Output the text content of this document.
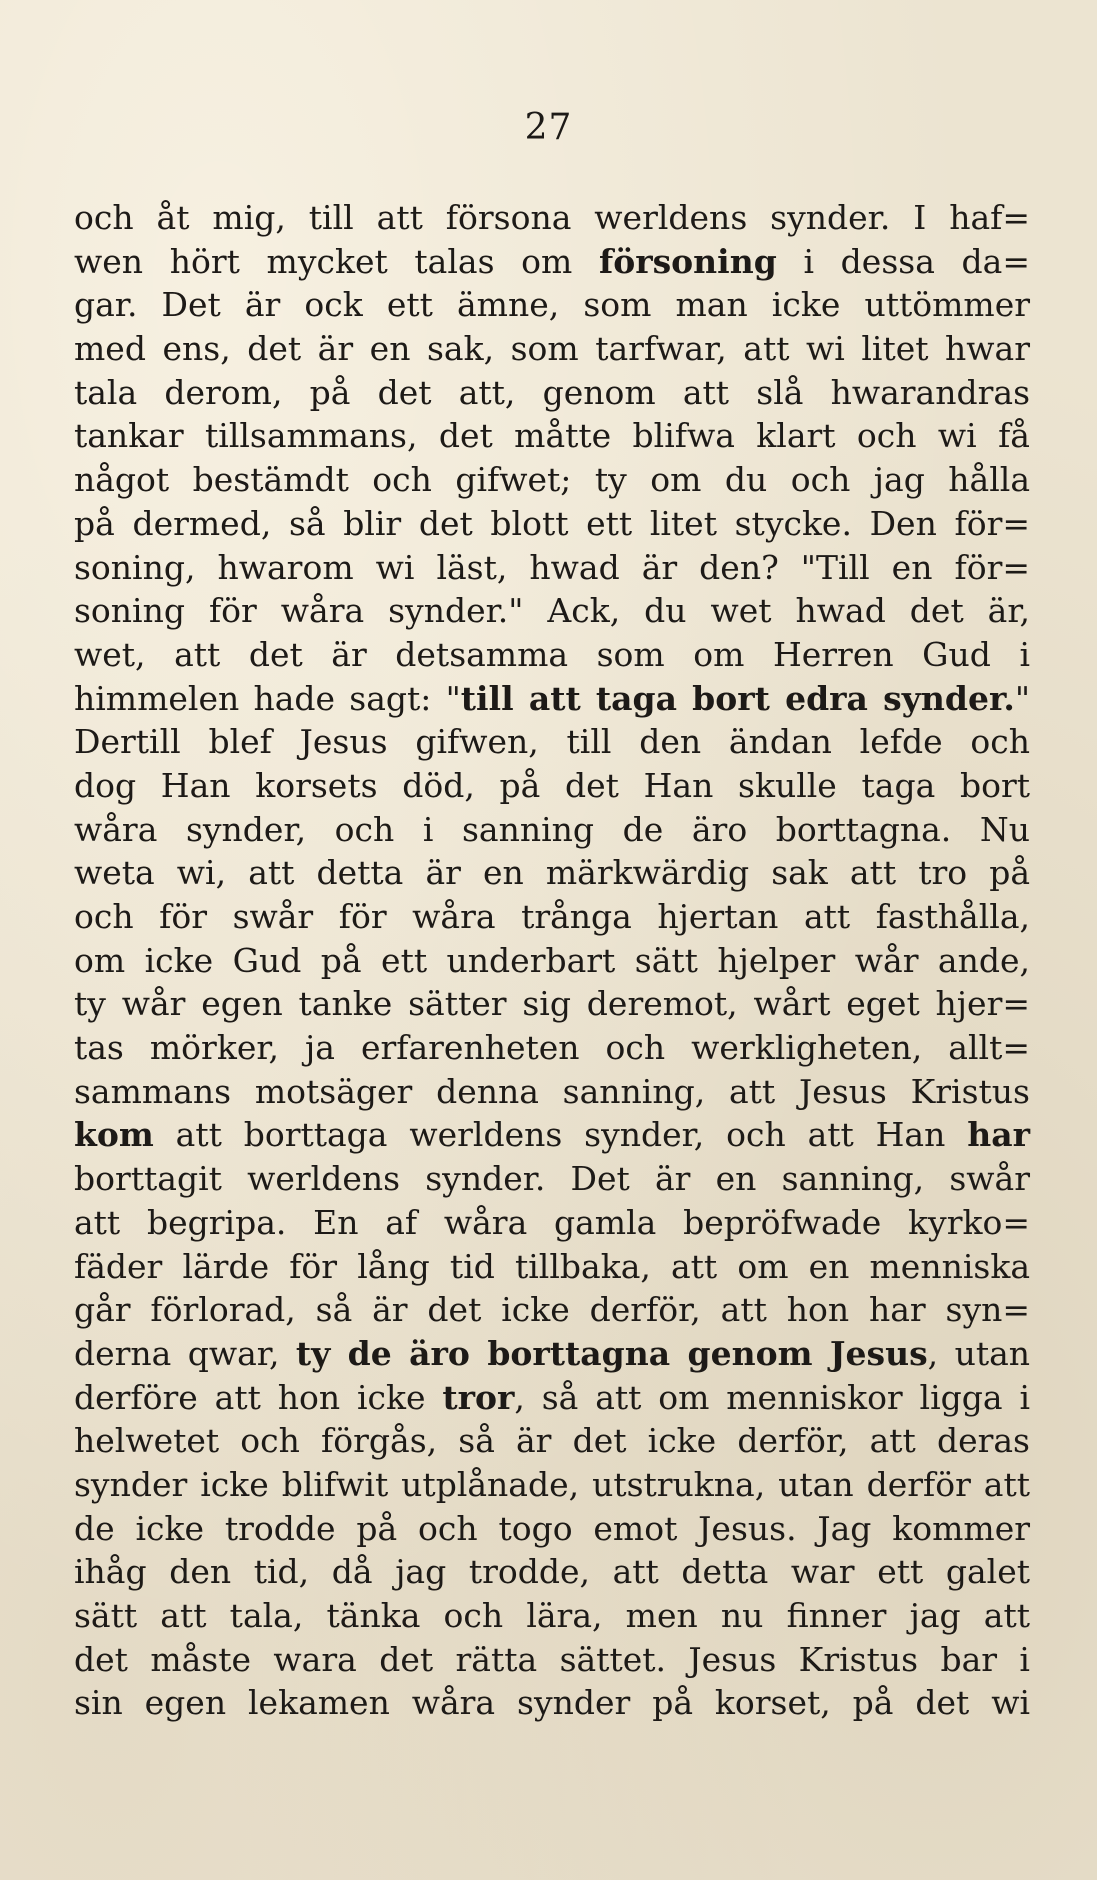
27
och åt mig, till att försona werldens synder. I haf=
wen hört mycket talas om försoning i dessa da=
gar. Det är ock ett ämne, som man icke uttömmer
med ens, det är en sak, som tarfwar, att wi litet hwar
tala derom, på det att, genom att slå hwarandras
tankar tillsammans, det måtte blifwa klart och wi få
något bestämdt och gifwet; ty om du och jag hålla
på dermed, så blir det blott ett litet stycke. Den för=
soning, hwarom wi läst, hwad är den? "Till en för=
soning för wåra synder." Ack, du wet hwad det är,
wet, att det är detsamma som om Herren Gud i
himmelen hade sagt: "till att taga bort edra synder."
Dertill blef Jesus gifwen, till den ändan lefde och
dog Han korsets död, på det Han skulle taga bort
wåra synder, och i sanning de äro borttagna. Nu
weta wi, att detta är en märkwärdig sak att tro på
och för swår för wåra trånga hjertan att fasthålla,
om icke Gud på ett underbart sätt hjelper wår ande,
ty wår egen tanke sätter sig deremot, wårt eget hjer=
tas mörker, ja erfarenheten och werkligheten, allt=
sammans motsäger denna sanning, att Jesus Kristus
kom att borttaga werldens synder, och att Han har
borttagit werldens synder. Det är en sanning, swår
att begripa. En af wåra gamla bepröfwade kyrko=
fäder lärde för lång tid tillbaka, att om en menniska
går förlorad, så är det icke derför, att hon har syn=
derna qwar, ty de äro borttagna genom Jesus, utan
derföre att hon icke tror, så att om menniskor ligga i
helwetet och förgås, så är det icke derför, att deras
synder icke blifwit utplånade, utstrukna, utan derför att
de icke trodde på och togo emot Jesus. Jag kommer
ihåg den tid, då jag trodde, att detta war ett galet
sätt att tala, tänka och lära, men nu finner jag att
det måste wara det rätta sättet. Jesus Kristus bar i
sin egen lekamen wåra synder på korset, på det wi
